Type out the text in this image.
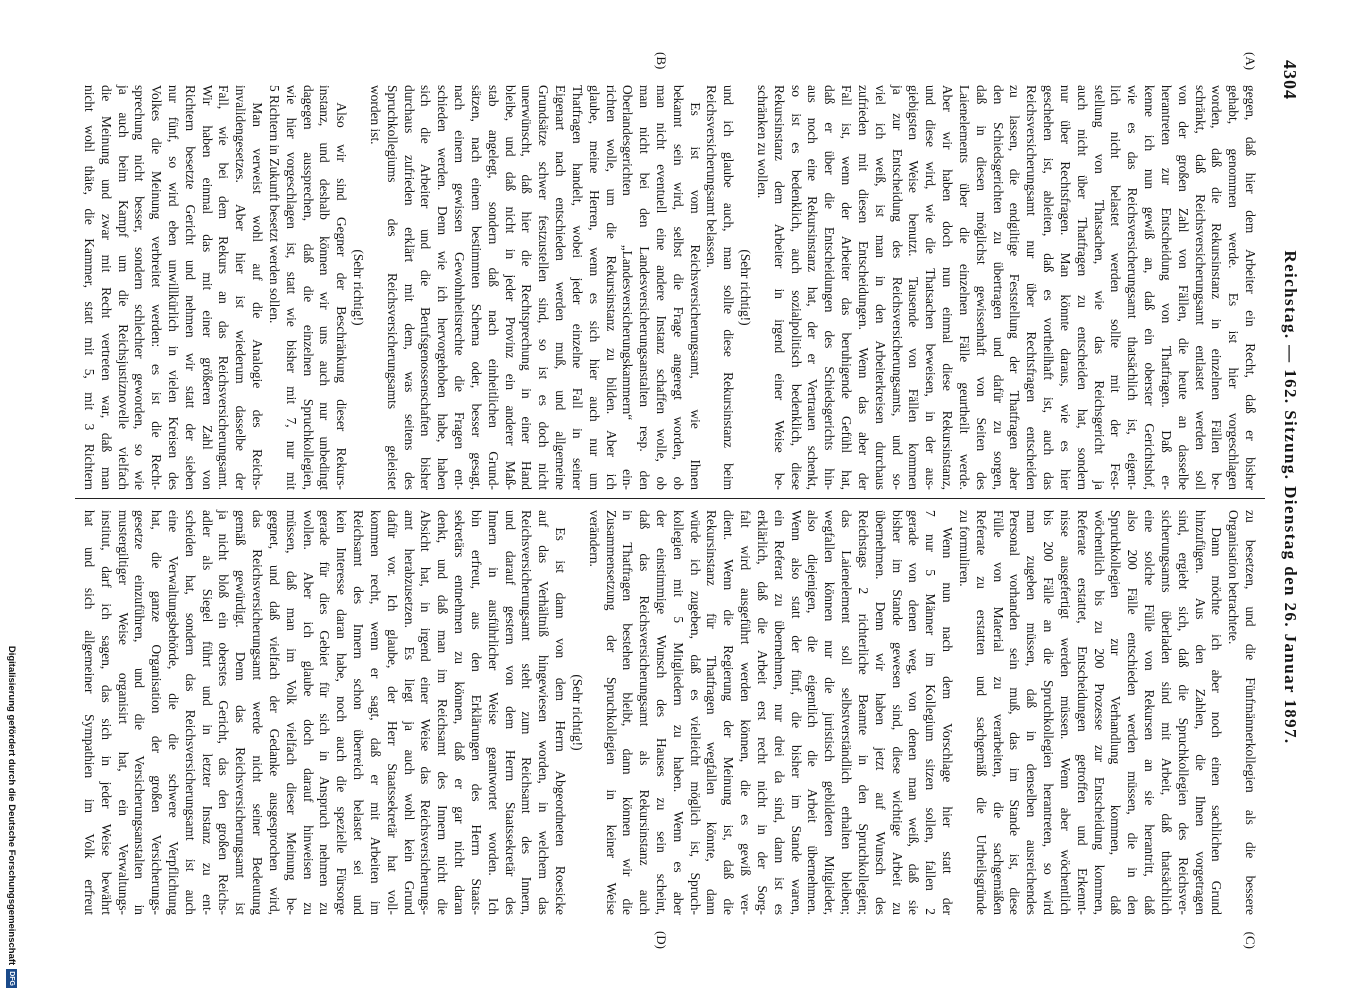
4304
Reichstag. — 162. Sitzung. Dienstag den 26. Januar 1897.
Digitalisierung gefördert durch die Deutsche Forschungsgemeinschaft
DFG
gegen, daß hier dem Arbeiter ein Recht, daß er bisher
(A)
gehabt, genommen werde. Es ist hier vorgeschlagen
worden, daß die Rekursinstanz in einzelnen Fällen be-
schränkt, daß Reichsversicherungsamt entlastet werden soll
von der großen Zahl von Fällen, die heute an dasselbe
herantreten zur Entscheidung von Thatfragen. Daß er-
kenne ich nun gewiß an, daß ein oberster Gerichtshof,
wie es das Reichsversicherungsamt thatsächlich ist, eigent-
lich nicht belastet werden sollte mit der Fest-
stellung von Thatsachen, wie das Reichsgericht ja
auch nicht über Thatfragen zu entscheiden hat, sondern
nur über Rechtsfragen. Man könnte daraus, wie es hier
geschehen ist, ableiten, daß es vortheilhaft ist, auch das
Reichsversicherungsamt nur über Rechtsfragen entscheiden
zu lassen, die endgiltige Feststellung der Thatfragen aber
den Schiedsgerichten zu übertragen und dafür zu sorgen,
daß in diesen möglichst gewissenhaft von Seiten des
Laienelements über die einzelnen Fälle geurtheilt werde.
Aber wir haben doch nun einmal diese Rekursinstanz,
und diese wird, wie die Thatsachen beweisen, in der aus-
giebigsten Weise benutzt. Tausende von Fällen kommen
ja zur Entscheidung des Reichsversicherungsamts, und so-
viel ich weiß, ist man in den Arbeiterkreisen durchaus
zufrieden mit diesen Entscheidungen. Wenn das aber der
Fall ist, wenn der Arbeiter das beruhigende Gefühl hat,
daß er über die Entscheidungen des Schiedsgerichts hin-
aus noch eine Rekursinstanz hat, der er Vertrauen schenkt,
so ist es bedenklich, auch sozialpolitisch bedenklich, diese
Rekursinstanz dem Arbeiter in irgend einer Weise be-
schränken zu wollen.
(Sehr richtig!)
und ich glaube auch, man sollte diese Rekursinstanz beim
Reichsversicherungsamt belassen.
Es ist vom Reichsversicherungsamt, wie Ihnen
bekannt sein wird, selbst die Frage angeregt worden, ob
man nicht eventuell eine andere Instanz schaffen wolle, ob
(B)
man nicht bei den Landesversicherungsanstalten resp. den
Oberlandesgerichten „Landesversicherungskammern“ ein-
richten wolle, um die Rekursinstanz zu bilden. Aber ich
glaube, meine Herren, wenn es sich hier auch nur um
Thatfragen handelt, wobei jeder einzelne Fall in seiner
Eigenart nach entschieden werden muß, und allgemeine
Grundsätze schwer festzustellen sind, so ist es doch nicht
unerwünscht, daß hier die Rechtsprechung in einer Hand
bleibe, und daß nicht in jeder Provinz ein anderer Maß-
stab angelegt, sondern daß nach einheitlichen Grund-
sätzen, nach einem bestimmten Schema oder, besser gesagt,
nach einem gewissen Gewohnheitsrechte die Fragen ent-
schieden werden. Denn wie ich hervorgehoben habe, haben
sich die Arbeiter und die Berufsgenossenschaften bisher
durchaus zufrieden erklärt mit dem, was seitens des
Spruchkollegiums des Reichsversicherungsamts geleistet
worden ist.
(Sehr richtig!)
Also wir sind Gegner der Beschränkung dieser Rekurs-
instanz, und deshalb können wir uns auch nur unbedingt
dagegen aussprechen, daß die einzelnen Spruchkollegien,
wie hier vorgeschlagen ist, statt wie bisher mit 7, nur mit
5 Richtern in Zukunft besetzt werden sollen.
Man verweist wohl auf die Analogie des Reichs-
invalidengesetzes. Aber hier ist wiederum dasselbe der
Fall, wie bei dem Rekurs an das Reichsversicherungsamt.
Wir haben einmal das mit einer größeren Zahl von
Richtern besetzte Gericht und nehmen wir statt der sieben
nur fünf, so wird eben unwillkürlich in vielen Kreisen des
Volkes die Meinung verbreitet werden: es ist die Recht-
sprechung nicht besser, sondern schlechter geworden, so wie
ja auch beim Kampf um die Reichsjustiznovelle vielfach
die Meinung und zwar mit Recht vertreten war, daß man
nicht wohl thäte, die Kammer, statt mit 5, mit 3 Richtern
zu besetzen, und die Fünfmännerkollegien als die bessere
(C)
Organisation betrachtete.
Dann möchte ich aber noch einen sachlichen Grund
hinzufügen. Aus den Zahlen, die Ihnen vorgetragen
sind, ergiebt sich, daß die Spruchkollegien des Reichsver-
sicherungsamts überladen sind mit Arbeit, daß thatsächlich
eine solche Fülle von Rekursen an sie herantritt, daß
also 200 Fälle entschieden werden müssen, die in den
Spruchkollegien zur Verhandlung kommen, daß
wöchentlich bis zu 200 Prozesse zur Entscheidung kommen,
Referate erstattet, Entscheidungen getroffen und Erkennt-
nisse ausgefertigt werden müssen. Wenn aber wöchentlich
bis 200 Fälle an die Spruchkollegien herantreten, so wird
man zugeben müssen, daß in denselben ausreichendes
Personal vorhanden sein muß, das im Stande ist, diese
Fülle von Material zu verarbeiten, die sachgemäßen
Referate zu erstatten und sachgemäß die Urtheilsgründe
zu formuliren.
Wenn nun nach dem Vorschlage hier statt der
7 nur 5 Männer im Kollegium sitzen sollen, fallen 2
gerade von denen weg, von denen man weiß, daß sie
bisher im Stande gewesen sind, diese wichtige Arbeit zu
übernehmen. Denn wir haben jetzt auf Wunsch des
Reichstags 2 richterliche Beamte in den Spruchkollegien;
das Laienelement soll selbstverständlich erhalten bleiben;
wegfallen können nur die juristisch gebildeten Mitglieder,
also diejenigen, die eigentlich die Arbeit übernehmen.
Wenn also statt der fünf, die bisher im Stande waren,
ein Referat zu übernehmen, nur drei da sind, dann ist es
erklärlich, daß die Arbeit erst recht nicht in der Sorg-
falt wird ausgeführt werden können, die es gewiß ver-
dient. Wenn die Regierung der Meinung ist, daß die
Rekursinstanz für Thatfragen wegfallen könnte, dann
würde ich zugeben, daß es vielleicht möglich ist, Spruch-
kollegien mit 5 Mitgliedern zu haben. Wenn es aber
der einstimmige Wunsch des Hauses zu sein scheint,
(D)
daß das Reichsversicherungsamt als Rekursinstanz auch
in Thatfragen bestehen bleibt, dann können wir die
Zusammensetzung der Spruchkollegien in keiner Weise
verändern.
(Sehr richtig!)
Es ist dann von dem Herrn Abgeordneten Roesicke
auf das Verhältniß hingewiesen worden, in welchem das
Reichsversicherungsamt steht zum Reichsamt des Innern,
und darauf gestern von dem Herrn Staatssekretär des
Innern in ausführlicher Weise geantwortet worden. Ich
bin erfreut, aus den Erklärungen des Herrn Staats-
sekretärs entnehmen zu können, daß er gar nicht daran
denkt, und daß man im Reichsamt des Innern nicht die
Absicht hat, in irgend einer Weise das Reichsversicherungs-
amt herabzusetzen. Es liegt ja auch wohl kein Grund
dafür vor. Ich glaube, der Herr Staatssekretär hat voll-
kommen recht, wenn er sagt, daß er mit Arbeiten im
Reichsamt des Innern schon überreich belastet sei und
kein Interesse daran habe, noch auch die spezielle Fürsorge
gerade für dies Gebiet für sich in Anspruch nehmen zu
wollen. Aber ich glaube doch darauf hinweisen zu
müssen, daß man im Volk vielfach dieser Meinung be-
gegnet, und daß vielfach der Gedanke ausgesprochen wird,
das Reichsversicherungsamt werde nicht seiner Bedeutung
gemäß gewürdigt. Denn das Reichsversicherungsamt ist
ja nicht bloß ein oberstes Gericht, das den großen Reichs-
adler als Siegel führt und in letzter Instanz zu ent-
scheiden hat, sondern das Reichsversicherungsamt ist auch
eine Verwaltungsbehörde, die die schwere Verpflichtung
hat, die ganze Organisation der großen Versicherungs-
gesetze einzuführen, und die Versicherungsanstalten in
mustergiltiger Weise organisirt hat, ein Verwaltungs-
institut, darf ich sagen, das sich in jeder Weise bewährt
hat und sich allgemeiner Sympathien im Volk erfreut
